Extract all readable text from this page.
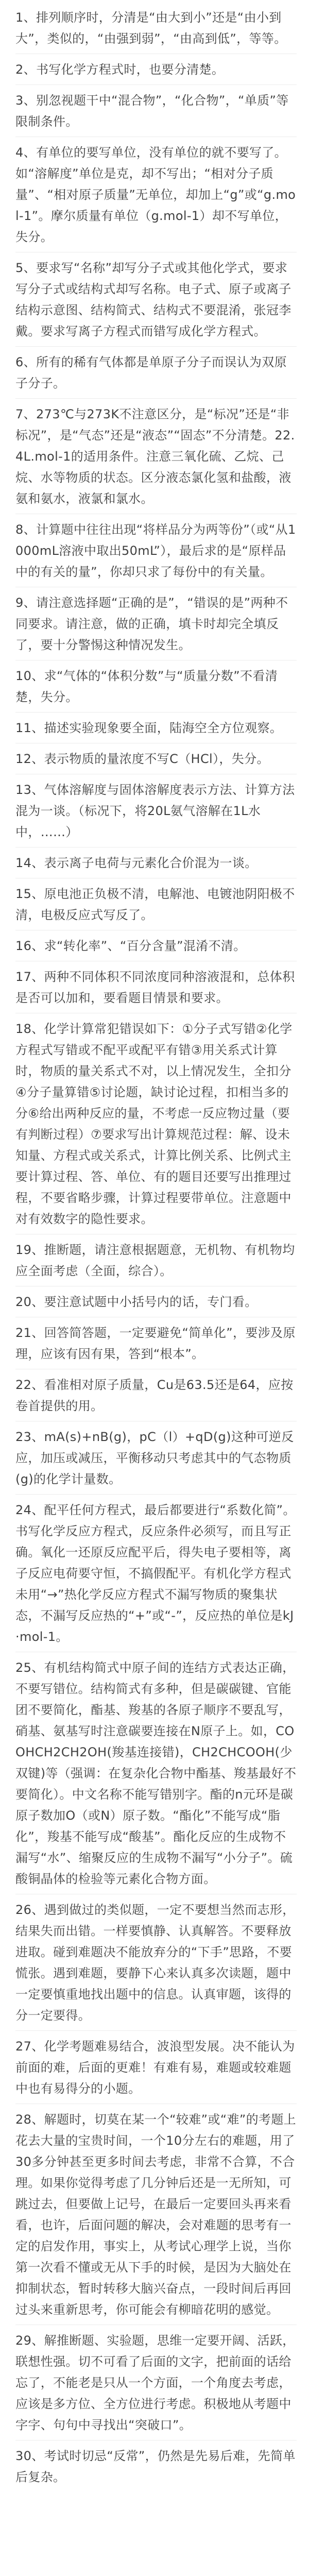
1、排列顺序时，分清是“由大到小”还是“由小到大”，类似的，“由强到弱”，“由高到低”，等等。

2、书写化学方程式时，也要分清楚。

3、别忽视题干中“混合物”，“化合物”，“单质”等限制条件。

4、有单位的要写单位，没有单位的就不要写了。如“溶解度”单位是克，却不写出；“相对分子质量”、“相对原子质量”无单位，却加上“g”或“g.mol-1”。摩尔质量有单位（g.mol-1）却不写单位，失分。

5、要求写“名称”却写分子式或其他化学式，要求写分子式或结构式却写名称。电子式、原子或离子结构示意图、结构简式、结构式不要混淆，张冠李戴。要求写离子方程式而错写成化学方程式。

6、所有的稀有气体都是单原子分子而误认为双原子分子。

7、273℃与273K不注意区分，是“标况”还是“非标况”，是“气态”还是“液态”“固态”不分清楚。22.4L.mol-1的适用条件。注意三氧化硫、乙烷、己烷、水等物质的状态。区分液态氯化氢和盐酸，液氨和氨水，液氯和氯水。

8、计算题中往往出现“将样品分为两等份”（或“从1000mL溶液中取出50mL”），最后求的是“原样品中的有关的量”，你却只求了每份中的有关量。

9、请注意选择题“正确的是”，“错误的是”两种不同要求。请注意，做的正确，填卡时却完全填反了，要十分警惕这种情况发生。

10、求“气体的“体积分数”与“质量分数”不看清楚，失分。

11、描述实验现象要全面，陆海空全方位观察。

12、表示物质的量浓度不写C（HCl），失分。

13、气体溶解度与固体溶解度表示方法、计算方法混为一谈。（标况下，将20L氨气溶解在1L水中，……）

14、表示离子电荷与元素化合价混为一谈。

15、原电池正负极不清，电解池、电镀池阴阳极不清，电极反应式写反了。

16、求“转化率”、“百分含量”混淆不清。

17、两种不同体积不同浓度同种溶液混和，总体积是否可以加和，要看题目情景和要求。

18、化学计算常犯错误如下：①分子式写错②化学方程式写错或不配平或配平有错③用关系式计算时，物质的量关系式不对，以上情况发生，全扣分④分子量算错⑤讨论题，缺讨论过程，扣相当多的分⑥给出两种反应的量，不考虑一反应物过量（要有判断过程）⑦要求写出计算规范过程：解、设未知量、方程式或关系式，计算比例关系、比例式主要计算过程、答、单位、有的题目还要写出推理过程，不要省略步骤，计算过程要带单位。注意题中对有效数字的隐性要求。

19、推断题，请注意根据题意，无机物、有机物均应全面考虑（全面，综合）。

20、要注意试题中小括号内的话，专门看。

21、回答简答题，一定要避免“简单化”，要涉及原理，应该有因有果，答到“根本”。

22、看准相对原子质量，Cu是63.5还是64，应按卷首提供的用。

23、mA(s)+nB(g)，pC（l）+qD(g)这种可逆反应，加压或减压，平衡移动只考虑其中的气态物质(g)的化学计量数。

24、配平任何方程式，最后都要进行“系数化简”。书写化学反应方程式，反应条件必须写，而且写正确。氧化一还原反应配平后，得失电子要相等，离子反应电荷要守恒，不搞假配平。有机化学方程式未用“→”热化学反应方程式不漏写物质的聚集状态，不漏写反应热的“+”或“-”，反应热的单位是kJ·mol-1。

25、有机结构简式中原子间的连结方式表达正确，不要写错位。结构简式有多种，但是碳碳键、官能团不要简化，酯基、羧基的各原子顺序不要乱写，硝基、氨基写时注意碳要连接在N原子上。如，COOHCH2CH2OH(羧基连接错)，CH2CHCOOH(少双键)等（强调：在复杂化合物中酯基、羧基最好不要简化）。中文名称不能写错别字。酯的n元环是碳原子数加O（或N）原子数。“酯化”不能写成“脂化”，羧基不能写成“酸基”。酯化反应的生成物不漏写“水”、缩聚反应的生成物不漏写“小分子”。硫酸铜晶体的检验等元素化合物方面。

26、遇到做过的类似题，一定不要想当然而志形，结果失而出错。一样要慎静、认真解答。不要释放进取。碰到难题决不能放弃分的“下手”思路，不要慌张。遇到难题，要静下心来认真多次读题，题中一定要慎重地找出题中的信息。认真审题，该得的分一定要得。

27、化学考题难易结合，波浪型发展。决不能认为前面的难，后面的更难！有难有易，难题或较难题中也有易得分的小题。

28、解题时，切莫在某一个“较难”或“难”的考题上花去大量的宝贵时间，一个10分左右的难题，用了30多分钟甚至更多时间去考虑，非常不合算，不合理。如果你觉得考虑了几分钟后还是一无所知，可跳过去，但要做上记号，在最后一定要回头再来看看，也许，后面问题的解决，会对难题的思考有一定的启发作用，事实上，从考试心理学上说，当你第一次看不懂或无从下手的时候，是因为大脑处在抑制状态，暂时转移大脑兴奋点，一段时间后再回过头来重新思考，你可能会有柳暗花明的感觉。

29、解推断题、实验题，思维一定要开阔、活跃，联想性强。切不可看了后面的文字，把前面的话给忘了，不能老是只从一个方面，一个角度去考虑，应该是多方位、全方位进行考虑。积极地从考题中字字、句句中寻找出“突破口”。

30、考试时切忌“反常”，仍然是先易后难，先简单后复杂。
